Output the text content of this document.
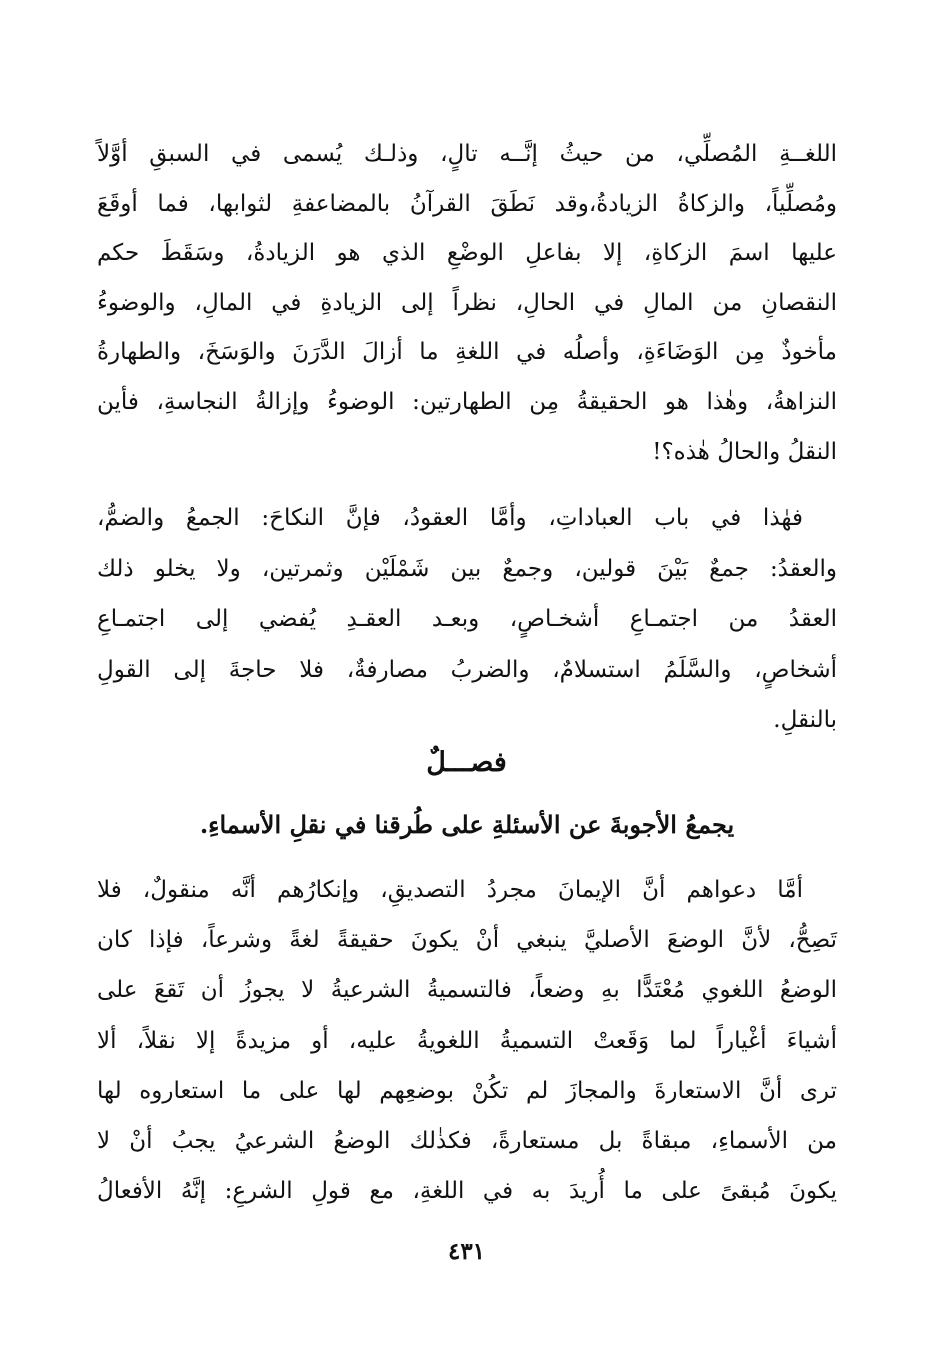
اللغــةِ المُصلِّي، من حيثُ إنَّــه تالٍ، وذلـك يُسمى في السبقِ أوَّلاً
ومُصلِّياً، والزكاةُ الزيادةُ،وقد نَطَقَ القرآنُ بالمضاعفةِ لثوابها، فما أوقَعَ
عليها اسمَ الزكاةِ، إلا بفاعلِ الوضْعِ الذي هو الزيادةُ، وسَقَطَ حكم
النقصانِ من المالِ في الحالِ، نظراً إلى الزيادةِ في المالِ، والوضوءُ
مأخوذٌ مِن الوَضَاءَةِ، وأصلُه في اللغةِ ما أزالَ الدَّرَنَ والوَسَخَ، والطهارةُ
النزاهةُ، وهٰذا هو الحقيقةُ مِن الطهارتين: الوضوءُ وإزالةُ النجاسةِ، فأين
النقلُ والحالُ هٰذه؟!
فهٰذا في باب العباداتِ، وأمَّا العقودُ، فإنَّ النكاحَ: الجمعُ والضمُّ،
والعقدُ: جمعٌ بَيْنَ قولين، وجمعٌ بين شَمْلَيْن وثمرتين، ولا يخلو ذلك
العقدُ من اجتمـاعِ أشخـاصٍ، وبعـد العقـدِ يُفضي إلى اجتمـاعِ
أشخاصٍ، والسَّلَمُ استسلامٌ، والضربُ مصارفةٌ، فلا حاجةَ إلى القولِ
بالنقلِ.
فصـــلٌ
يجمعُ الأجوبةَ عن الأسئلةِ على طُرقنا في نقلِ الأسماءِ.
أمَّا دعواهم أنَّ الإيمانَ مجردُ التصديقِ، وإنكارُهم أنَّه منقولٌ، فلا
تَصِحُّ، لأنَّ الوضعَ الأصليَّ ينبغي أنْ يكونَ حقيقةً لغةً وشرعاً، فإذا كان
الوضعُ اللغوي مُعْتَدًّا بهِ وضعاً، فالتسميةُ الشرعيةُ لا يجوزُ أن تَقعَ على
أشياءَ أغْياراً لما وَقَعتْ التسميةُ اللغويةُ عليه، أو مزيدةً إلا نقلاً، ألا
ترى أنَّ الاستعارةَ والمجازَ لم تكُنْ بوضعِهم لها على ما استعاروه لها
من الأسماءِ، مبقاةً بل مستعارةً، فكذٰلك الوضعُ الشرعيُ يجبُ أنْ لا
يكونَ مُبقىً على ما أُريدَ به في اللغةِ، مع قولِ الشرعِ: إنَّهُ الأفعالُ
٤٣١
